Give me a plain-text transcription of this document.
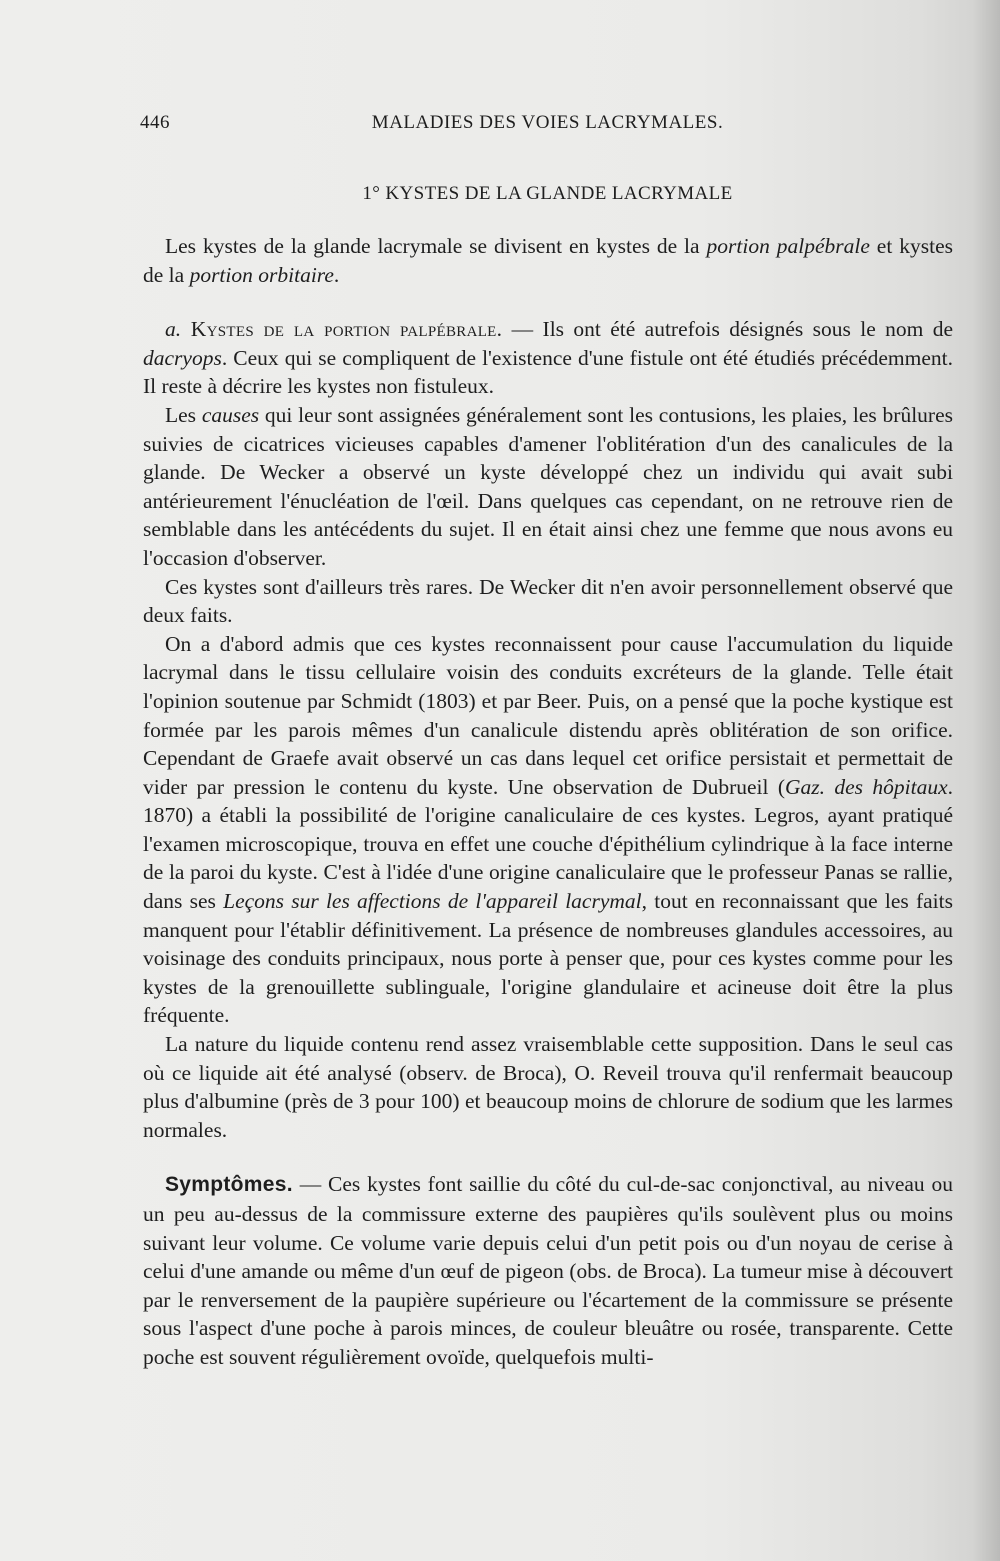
446	MALADIES DES VOIES LACRYMALES.
1° KYSTES DE LA GLANDE LACRYMALE

Les kystes de la glande lacrymale se divisent en kystes de la portion palpébrale et kystes de la portion orbitaire.

a. Kystes de la portion palpébrale. — Ils ont été autrefois désignés sous le nom de dacryops. Ceux qui se compliquent de l'existence d'une fistule ont été étudiés précédemment. Il reste à décrire les kystes non fistuleux.

Les causes qui leur sont assignées généralement sont les contusions, les plaies, les brûlures suivies de cicatrices vicieuses capables d'amener l'oblitération d'un des canalicules de la glande. De Wecker a observé un kyste développé chez un individu qui avait subi antérieurement l'énucléation de l'œil. Dans quelques cas cependant, on ne retrouve rien de semblable dans les antécédents du sujet. Il en était ainsi chez une femme que nous avons eu l'occasion d'observer.

Ces kystes sont d'ailleurs très rares. De Wecker dit n'en avoir personnellement observé que deux faits.

On a d'abord admis que ces kystes reconnaissent pour cause l'accumulation du liquide lacrymal dans le tissu cellulaire voisin des conduits excréteurs de la glande. Telle était l'opinion soutenue par Schmidt (1803) et par Beer. Puis, on a pensé que la poche kystique est formée par les parois mêmes d'un canalicule distendu après oblitération de son orifice. Cependant de Graefe avait observé un cas dans lequel cet orifice persistait et permettait de vider par pression le contenu du kyste. Une observation de Dubrueil (Gaz. des hôpitaux. 1870) a établi la possibilité de l'origine canaliculaire de ces kystes. Legros, ayant pratiqué l'examen microscopique, trouva en effet une couche d'épithélium cylindrique à la face interne de la paroi du kyste. C'est à l'idée d'une origine canaliculaire que le professeur Panas se rallie, dans ses Leçons sur les affections de l'appareil lacrymal, tout en reconnaissant que les faits manquent pour l'établir définitivement. La présence de nombreuses glandules accessoires, au voisinage des conduits principaux, nous porte à penser que, pour ces kystes comme pour les kystes de la grenouillette sublinguale, l'origine glandulaire et acineuse doit être la plus fréquente.

La nature du liquide contenu rend assez vraisemblable cette supposition. Dans le seul cas où ce liquide ait été analysé (observ. de Broca), O. Reveil trouva qu'il renfermait beaucoup plus d'albumine (près de 3 pour 100) et beaucoup moins de chlorure de sodium que les larmes normales.

Symptômes. — Ces kystes font saillie du côté du cul-de-sac conjonctival, au niveau ou un peu au-dessus de la commissure externe des paupières qu'ils soulèvent plus ou moins suivant leur volume. Ce volume varie depuis celui d'un petit pois ou d'un noyau de cerise à celui d'une amande ou même d'un œuf de pigeon (obs. de Broca). La tumeur mise à découvert par le renversement de la paupière supérieure ou l'écartement de la commissure se présente sous l'aspect d'une poche à parois minces, de couleur bleuâtre ou rosée, transparente. Cette poche est souvent régulièrement ovoïde, quelquefois multi-
